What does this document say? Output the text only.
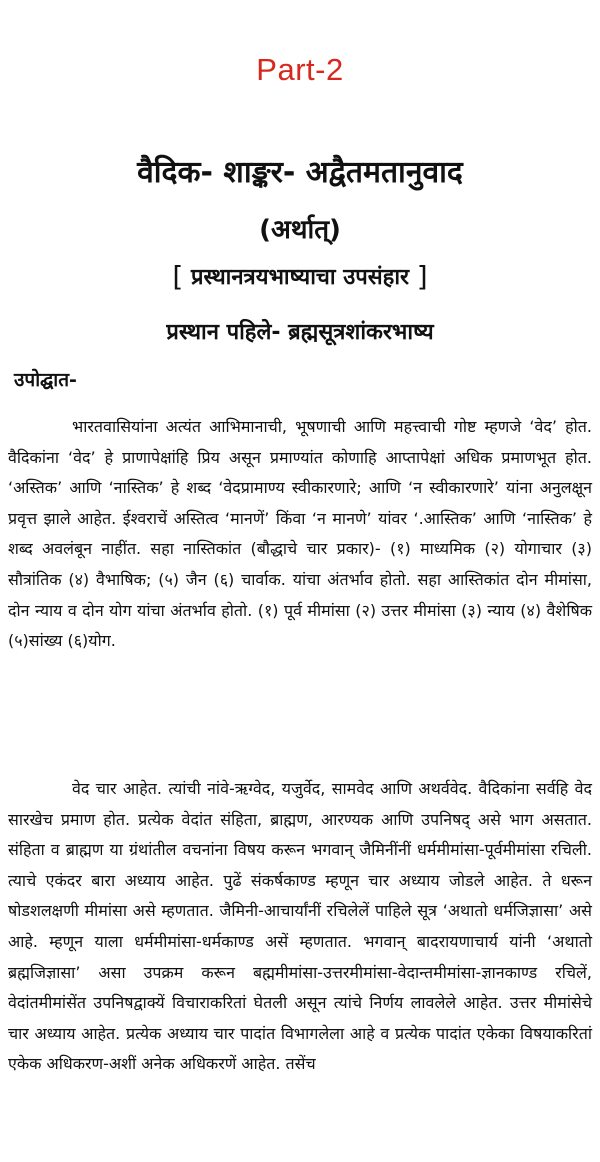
Part-2
वैदिक- शाङ्कर- अद्वैतमतानुवाद
(अर्थात्)
[ प्रस्थानत्रयभाष्याचा उपसंहार ]
प्रस्थान पहिले- ब्रह्मसूत्रशांकरभाष्य
उपोद्घात-
भारतवासियांना अत्यंत आभिमानाची, भूषणाची आणि महत्त्वाची गोष्ट म्हणजे ‘वेद’ होत. वैदिकांना ‘वेद’ हे प्राणापेक्षांहि प्रिय असून प्रमाण्यांत कोणाहि आप्तापेक्षां अधिक प्रमाणभूत होत. ‘अस्तिक’ आणि ‘नास्तिक’ हे शब्द ‘वेदप्रामाण्य स्वीकारणारे; आणि ‘न स्वीकारणारे’ यांना अनुलक्षून प्रवृत्त झाले आहेत. ईश्वराचें अस्तित्व ‘मानणें’ किंवा ‘न मानणे’ यांवर ‘.आस्तिक’ आणि ‘नास्तिक’ हे शब्द अवलंबून नाहींत. सहा नास्तिकांत (बौद्धाचे चार प्रकार)- (१) माध्यमिक (२) योगाचार (३) सौत्रांतिक (४) वैभाषिक; (५) जैन (६) चार्वाक. यांचा अंतर्भाव होतो. सहा आस्तिकांत दोन मीमांसा, दोन न्याय व दोन योग यांचा अंतर्भाव होतो. (१) पूर्व मीमांसा (२) उत्तर मीमांसा (३) न्याय (४) वैशेषिक (५)सांख्य (६)योग.
वेद चार आहेत. त्यांची नांवे-ऋग्वेद, यजुर्वेद, सामवेद आणि अथर्ववेद. वैदिकांना सर्वहि वेद सारखेच प्रमाण होत. प्रत्येक वेदांत संहिता, ब्राह्मण, आरण्यक आणि उपनिषद् असे भाग असतात. संहिता व ब्राह्मण या ग्रंथांतील वचनांना विषय करून भगवान् जैमिनींनीं धर्ममीमांसा-पूर्वमीमांसा रचिली. त्याचे एकंदर बारा अध्याय आहेत. पुढें संकर्षकाण्ड म्हणून चार अध्याय जोडले आहेत. ते धरून षोडशलक्षणी मीमांसा असे म्हणतात. जैमिनी-आचार्यांनीं रचिलेलें पाहिले सूत्र ‘अथातो धर्मजिज्ञासा’ असे आहे. म्हणून याला धर्ममीमांसा-धर्मकाण्ड असें म्हणतात. भगवान् बादरायणाचार्य यांनी ‘अथातो ब्रह्मजिज्ञासा’ असा उपक्रम करून बह्ममीमांसा-उत्तरमीमांसा-वेदान्तमीमांसा-ज्ञानकाण्ड रचिलें, वेदांतमीमांसेंत उपनिषद्वाक्यें विचाराकरितां घेतली असून त्यांचे निर्णय लावलेले आहेत. उत्तर मीमांसेचे चार अध्याय आहेत. प्रत्येक अध्याय चार पादांत विभागलेला आहे व प्रत्येक पादांत एकेका विषयाकरितां एकेक अधिकरण-अशीं अनेक अधिकरणें आहेत. तसेंच
